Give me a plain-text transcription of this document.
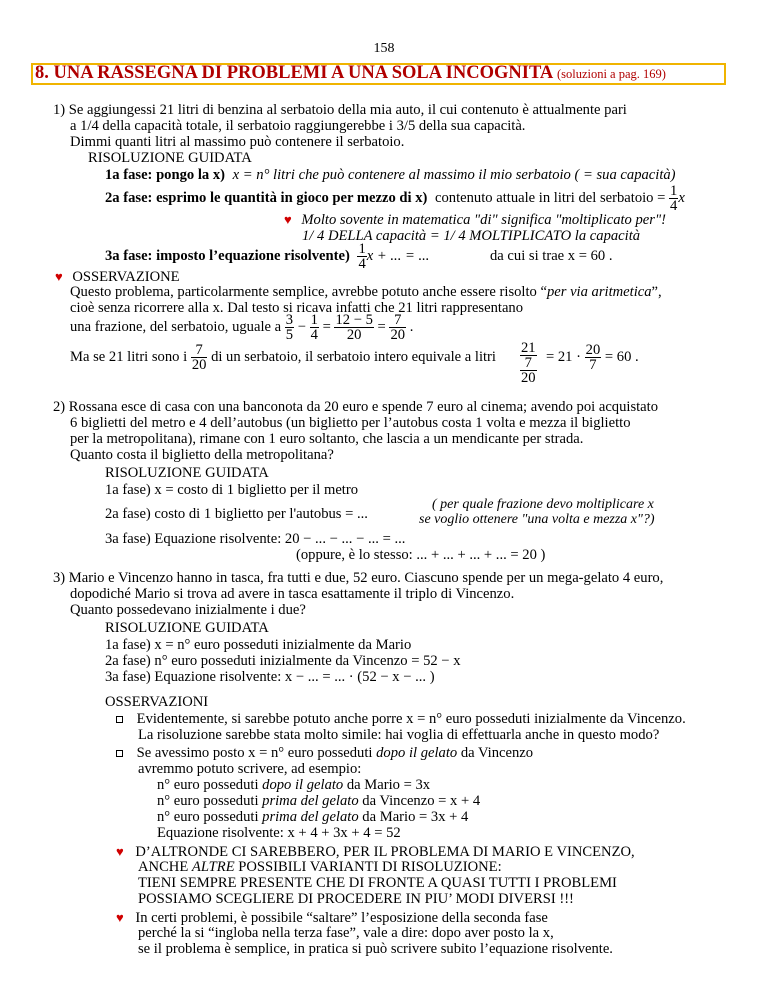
158
8. UNA RASSEGNA DI PROBLEMI A UNA SOLA INCOGNITA (soluzioni a pag. 169)
1) Se aggiungessi 21 litri di benzina al serbatoio della mia auto, il cui contenuto è attualmente pari
a 1/4 della capacità totale, il serbatoio raggiungerebbe i 3/5 della sua capacità.
Dimmi quanti litri al massimo può contenere il serbatoio.
RISOLUZIONE GUIDATA
1a fase: pongo la x) x = n° litri che può contenere al massimo il mio serbatoio ( = sua capacità)
2a fase: esprimo le quantità in gioco per mezzo di x) contenuto attuale in litri del serbatoio = $\frac{1}{4}$ x
♥ Molto sovente in matematica "di" significa "moltiplicato per"!
1/ 4 DELLA capacità = 1/ 4 MOLTIPLICATO la capacità
3a fase: imposto l’equazione risolvente) $\frac{1}{4}$ x + ... = ...	da cui si trae x = 60 .
♥ OSSERVAZIONE
Questo problema, particolarmente semplice, avrebbe potuto anche essere risolto “per via aritmetica”,
cioè senza ricorrere alla x. Dal testo si ricava infatti che 21 litri rappresentano
una frazione, del serbatoio, uguale a $\frac{3}{5} - \frac{1}{4} = \frac{12 - 5}{20} = \frac{7}{20}$ .
Ma se 21 litri sono i $\frac{7}{20}$ di un serbatoio, il serbatoio intero equivale a litri
21
7
20
= $21 \cdot \frac{20}{7} = 60$ .
2) Rossana esce di casa con una banconota da 20 euro e spende 7 euro al cinema; avendo poi acquistato
6 biglietti del metro e 4 dell’autobus (un biglietto per l’autobus costa 1 volta e mezza il biglietto
per la metropolitana), rimane con 1 euro soltanto, che lascia a un mendicante per strada.
Quanto costa il biglietto della metropolitana?
RISOLUZIONE GUIDATA
1a fase) x = costo di 1 biglietto per il metro
2a fase) costo di 1 biglietto per l'autobus = ...
( per quale frazione devo moltiplicare x
se voglio ottenere "una volta e mezza x"?)
3a fase) Equazione risolvente: 20 − ... − ... − ... = ...
(oppure, è lo stesso: ... + ... + ... + ... = 20 )
3) Mario e Vincenzo hanno in tasca, fra tutti e due, 52 euro. Ciascuno spende per un mega-gelato 4 euro,
dopodiché Mario si trova ad avere in tasca esattamente il triplo di Vincenzo.
Quanto possedevano inizialmente i due?
RISOLUZIONE GUIDATA
1a fase) x = n° euro posseduti inizialmente da Mario
2a fase) n° euro posseduti inizialmente da Vincenzo = 52 − x
3a fase) Equazione risolvente: x − ... = ... · (52 − x − ... )
OSSERVAZIONI
Evidentemente, si sarebbe potuto anche porre x = n° euro posseduti inizialmente da Vincenzo.
La risoluzione sarebbe stata molto simile: hai voglia di effettuarla anche in questo modo?
Se avessimo posto x = n° euro posseduti dopo il gelato da Vincenzo
avremmo potuto scrivere, ad esempio:
n° euro posseduti dopo il gelato da Mario = 3x
n° euro posseduti prima del gelato da Vincenzo = x + 4
n° euro posseduti prima del gelato da Mario = 3x + 4
Equazione risolvente: x + 4 + 3x + 4 = 52
♥ D’ALTRONDE CI SAREBBERO, PER IL PROBLEMA DI MARIO E VINCENZO,
ANCHE ALTRE POSSIBILI VARIANTI DI RISOLUZIONE:
TIENI SEMPRE PRESENTE CHE DI FRONTE A QUASI TUTTI I PROBLEMI
POSSIAMO SCEGLIERE DI PROCEDERE IN PIU’ MODI DIVERSI !!!
♥ In certi problemi, è possibile “saltare” l’esposizione della seconda fase
perché la si “ingloba nella terza fase”, vale a dire: dopo aver posto la x,
se il problema è semplice, in pratica si può scrivere subito l’equazione risolvente.
